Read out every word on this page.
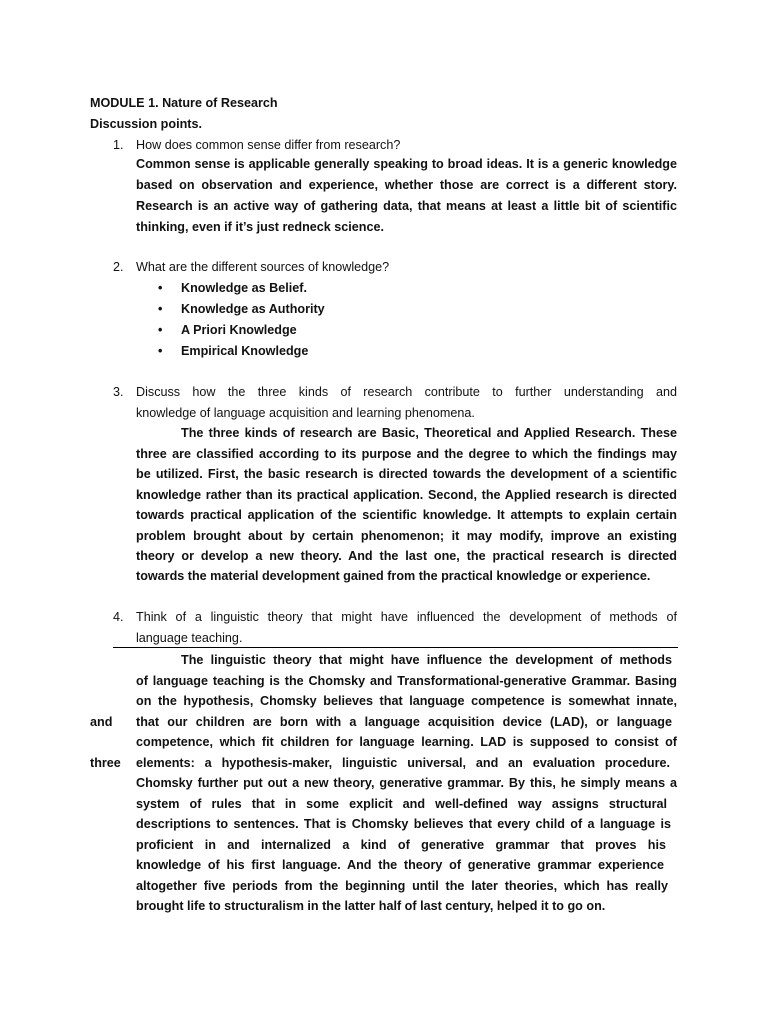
MODULE 1. Nature of Research
Discussion points.
1. How does common sense differ from research?
Common sense is applicable generally speaking to broad ideas. It is a generic knowledge
based on observation and experience, whether those are correct is a different story.
Research is an active way of gathering data, that means at least a little bit of scientific
thinking, even if it’s just redneck science.
2. What are the different sources of knowledge?
• Knowledge as Belief.
• Knowledge as Authority
• A Priori Knowledge
• Empirical Knowledge
3. Discuss how the three kinds of research contribute to further understanding and
knowledge of language acquisition and learning phenomena.
The three kinds of research are Basic, Theoretical and Applied Research. These
three are classified according to its purpose and the degree to which the findings may
be utilized. First, the basic research is directed towards the development of a scientific
knowledge rather than its practical application. Second, the Applied research is directed
towards practical application of the scientific knowledge. It attempts to explain certain
problem brought about by certain phenomenon; it may modify, improve an existing
theory or develop a new theory. And the last one, the practical research is directed
towards the material development gained from the practical knowledge or experience.
4. Think of a linguistic theory that might have influenced the development of methods of
language teaching.
and
three
The linguistic theory that might have influence the development of methods
of language teaching is the Chomsky and Transformational-generative Grammar. Basing
on the hypothesis, Chomsky believes that language competence is somewhat innate,
that our children are born with a language acquisition device (LAD), or language
competence, which fit children for language learning. LAD is supposed to consist of
elements: a hypothesis-maker, linguistic universal, and an evaluation procedure.
Chomsky further put out a new theory, generative grammar. By this, he simply means a
system of rules that in some explicit and well-defined way assigns structural
descriptions to sentences. That is Chomsky believes that every child of a language is
proficient in and internalized a kind of generative grammar that proves his
knowledge of his first language. And the theory of generative grammar experience
altogether five periods from the beginning until the later theories, which has really
brought life to structuralism in the latter half of last century, helped it to go on.
